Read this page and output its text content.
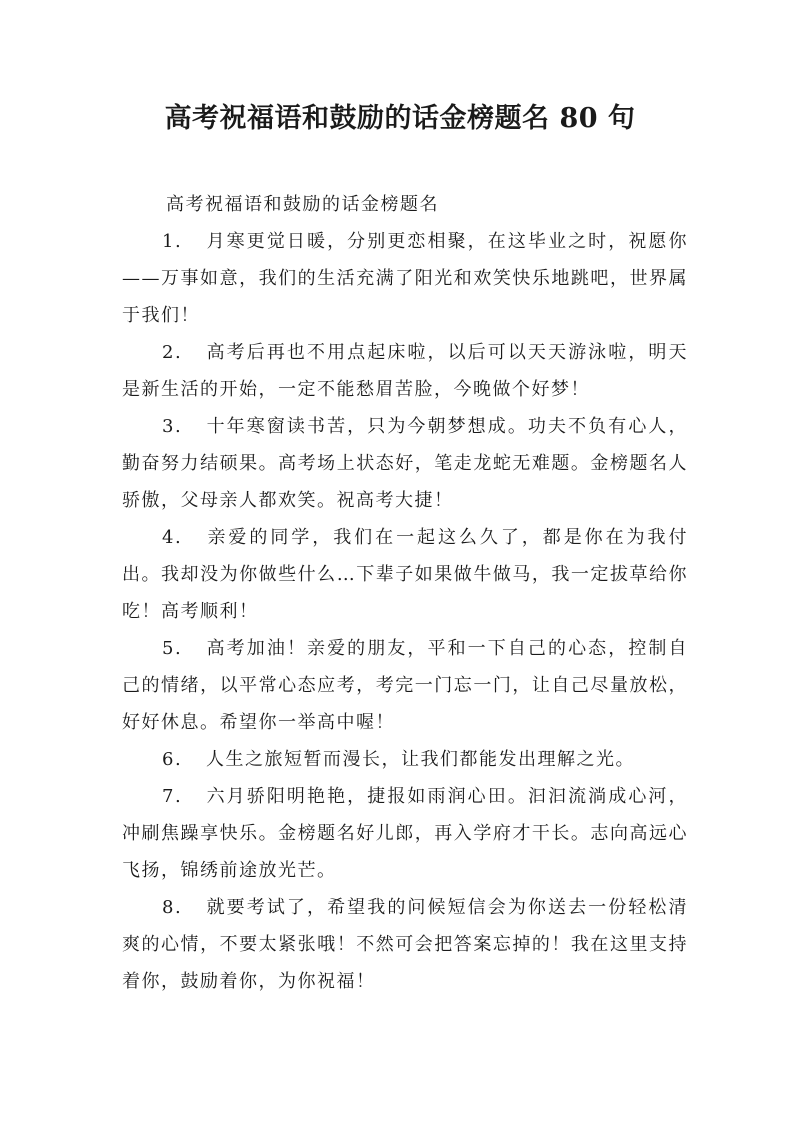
高考祝福语和鼓励的话金榜题名 80 句

高考祝福语和鼓励的话金榜题名

1. 月寒更觉日暖，分别更恋相聚，在这毕业之时，祝愿你——万事如意，我们的生活充满了阳光和欢笑快乐地跳吧，世界属于我们！

2. 高考后再也不用点起床啦，以后可以天天游泳啦，明天是新生活的开始，一定不能愁眉苦脸，今晚做个好梦！

3. 十年寒窗读书苦，只为今朝梦想成。功夫不负有心人，勤奋努力结硕果。高考场上状态好，笔走龙蛇无难题。金榜题名人骄傲，父母亲人都欢笑。祝高考大捷！

4. 亲爱的同学，我们在一起这么久了，都是你在为我付出。我却没为你做些什么…下辈子如果做牛做马，我一定拔草给你吃！高考顺利！

5. 高考加油！亲爱的朋友，平和一下自己的心态，控制自己的情绪，以平常心态应考，考完一门忘一门，让自己尽量放松，好好休息。希望你一举高中喔！

6. 人生之旅短暂而漫长，让我们都能发出理解之光。

7. 六月骄阳明艳艳，捷报如雨润心田。汩汩流淌成心河，冲刷焦躁享快乐。金榜题名好儿郎，再入学府才干长。志向高远心飞扬，锦绣前途放光芒。

8. 就要考试了，希望我的问候短信会为你送去一份轻松清爽的心情，不要太紧张哦！不然可会把答案忘掉的！我在这里支持着你，鼓励着你，为你祝福！
